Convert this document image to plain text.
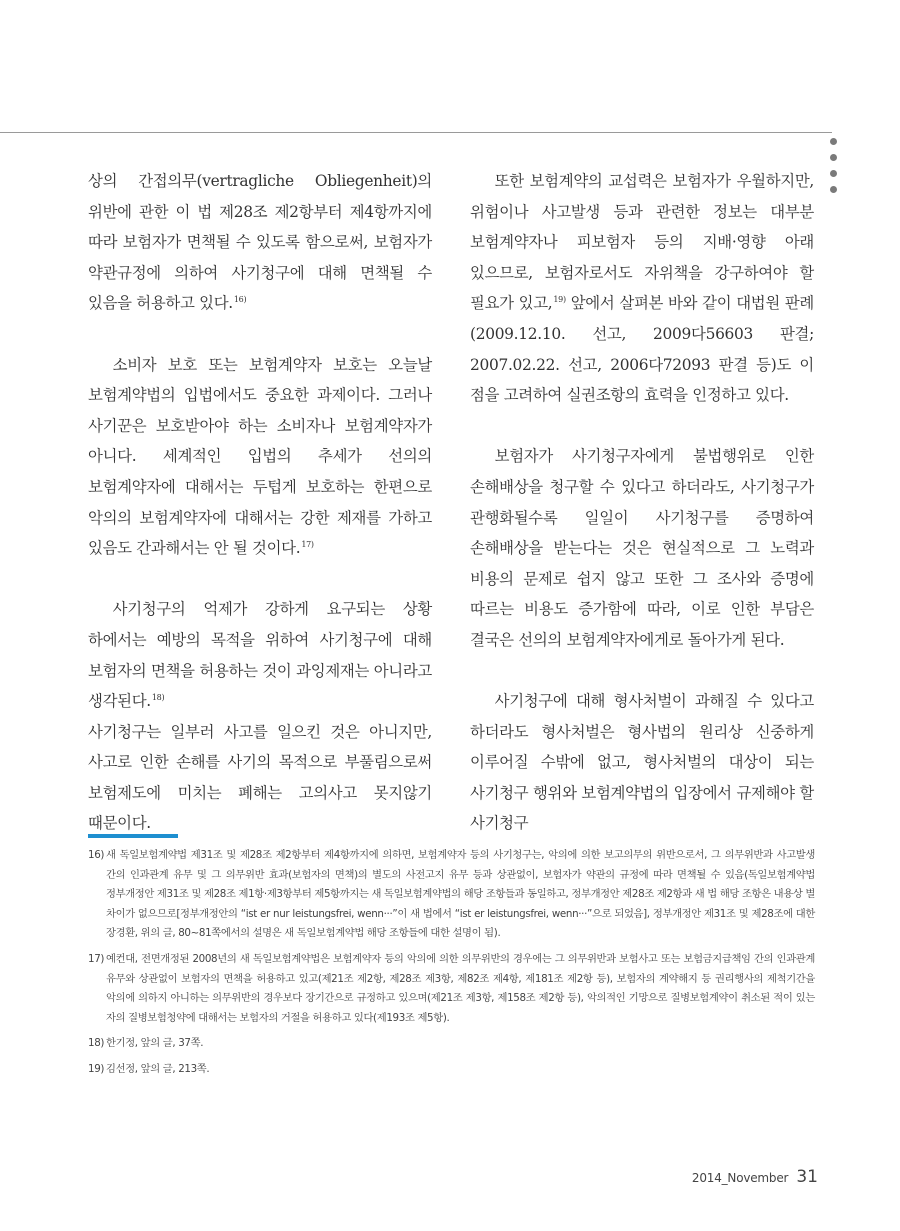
상의 간접의무(vertragliche Obliegenheit)의 위반에 관한 이 법 제28조 제2항부터 제4항까지에 따라 보험자가 면책될 수 있도록 함으로써, 보험자가 약관규정에 의하여 사기청구에 대해 면책될 수 있음을 허용하고 있다.$^{16)}$

소비자 보호 또는 보험계약자 보호는 오늘날 보험계약법의 입법에서도 중요한 과제이다. 그러나 사기꾼은 보호받아야 하는 소비자나 보험계약자가 아니다. 세계적인 입법의 추세가 선의의 보험계약자에 대해서는 두텁게 보호하는 한편으로 악의의 보험계약자에 대해서는 강한 제재를 가하고 있음도 간과해서는 안 될 것이다.$^{17)}$

사기청구의 억제가 강하게 요구되는 상황 하에서는 예방의 목적을 위하여 사기청구에 대해 보험자의 면책을 허용하는 것이 과잉제재는 아니라고 생각된다.$^{18)}$

사기청구는 일부러 사고를 일으킨 것은 아니지만, 사고로 인한 손해를 사기의 목적으로 부풀림으로써 보험제도에 미치는 폐해는 고의사고 못지않기 때문이다.

또한 보험계약의 교섭력은 보험자가 우월하지만, 위험이나 사고발생 등과 관련한 정보는 대부분 보험계약자나 피보험자 등의 지배·영향 아래 있으므로, 보험자로서도 자위책을 강구하여야 할 필요가 있고,$^{19)}$ 앞에서 살펴본 바와 같이 대법원 판례(2009.12.10. 선고, 2009다56603 판결; 2007.02.22. 선고, 2006다72093 판결 등)도 이 점을 고려하여 실권조항의 효력을 인정하고 있다.

보험자가 사기청구자에게 불법행위로 인한 손해배상을 청구할 수 있다고 하더라도, 사기청구가 관행화될수록 일일이 사기청구를 증명하여 손해배상을 받는다는 것은 현실적으로 그 노력과 비용의 문제로 쉽지 않고 또한 그 조사와 증명에 따르는 비용도 증가함에 따라, 이로 인한 부담은 결국은 선의의 보험계약자에게로 돌아가게 된다.

사기청구에 대해 형사처벌이 과해질 수 있다고 하더라도 형사처벌은 형사법의 원리상 신중하게 이루어질 수밖에 없고, 형사처벌의 대상이 되는 사기청구 행위와 보험계약법의 입장에서 규제해야 할 사기청구

16) 새 독일보험계약법 제31조 및 제28조 제2항부터 제4항까지에 의하면, 보험계약자 등의 사기청구는, 악의에 의한 보고의무의 위반으로서, 그 의무위반과 사고발생 간의 인과관계 유무 및 그 의무위반 효과(보험자의 면책)의 별도의 사전고지 유무 등과 상관없이, 보험자가 약관의 규정에 따라 면책될 수 있음(독일보험계약법 정부개정안 제31조 및 제28조 제1항·제3항부터 제5항까지는 새 독일보험계약법의 해당 조항들과 동일하고, 정부개정안 제28조 제2항과 새 법 해당 조항은 내용상 별 차이가 없으므로[정부개정안의 “ist er nur leistungsfrei, wenn···”이 새 법에서 “ist er leistungsfrei, wenn···”으로 되었음], 정부개정안 제31조 및 제28조에 대한 장경환, 위의 글, 80~81쪽에서의 설명은 새 독일보험계약법 해당 조항들에 대한 설명이 됨).
17) 예컨대, 전면개정된 2008년의 새 독일보험계약법은 보험계약자 등의 악의에 의한 의무위반의 경우에는 그 의무위반과 보험사고 또는 보험금지급책임 간의 인과관계 유무와 상관없이 보험자의 면책을 허용하고 있고(제21조 제2항, 제28조 제3항, 제82조 제4항, 제181조 제2항 등), 보험자의 계약해지 등 권리행사의 제척기간을 악의에 의하지 아니하는 의무위반의 경우보다 장기간으로 규정하고 있으며(제21조 제3항, 제158조 제2항 등), 악의적인 기망으로 질병보험계약이 취소된 적이 있는 자의 질병보험청약에 대해서는 보험자의 거절을 허용하고 있다(제193조 제5항).
18) 한기정, 앞의 글, 37쪽.
19) 김선정, 앞의 글, 213쪽.
2014_November 31
